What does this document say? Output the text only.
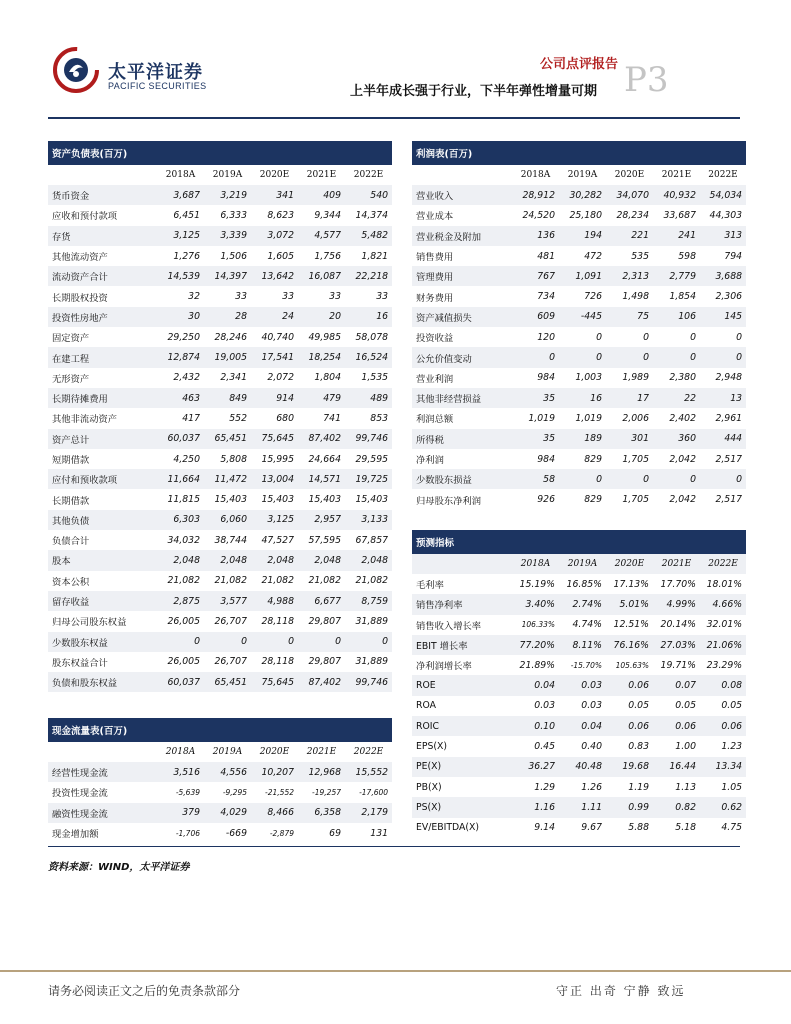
太平洋证券
PACIFIC SECURITIES
公司点评报告
上半年成长强于行业，下半年弹性增量可期 P3
资产负债表(百万)					
	2018A	2019A	2020E	2021E	2022E
货币资金	3,687	3,219	341	409	540
应收和预付款项	6,451	6,333	8,623	9,344	14,374
存货	3,125	3,339	3,072	4,577	5,482
其他流动资产	1,276	1,506	1,605	1,756	1,821
流动资产合计	14,539	14,397	13,642	16,087	22,218
长期股权投资	32	33	33	33	33
投资性房地产	30	28	24	20	16
固定资产	29,250	28,246	40,740	49,985	58,078
在建工程	12,874	19,005	17,541	18,254	16,524
无形资产	2,432	2,341	2,072	1,804	1,535
长期待摊费用	463	849	914	479	489
其他非流动资产	417	552	680	741	853
资产总计	60,037	65,451	75,645	87,402	99,746
短期借款	4,250	5,808	15,995	24,664	29,595
应付和预收款项	11,664	11,472	13,004	14,571	19,725
长期借款	11,815	15,403	15,403	15,403	15,403
其他负债	6,303	6,060	3,125	2,957	3,133
负债合计	34,032	38,744	47,527	57,595	67,857
股本	2,048	2,048	2,048	2,048	2,048
资本公积	21,082	21,082	21,082	21,082	21,082
留存收益	2,875	3,577	4,988	6,677	8,759
归母公司股东权益	26,005	26,707	28,118	29,807	31,889
少数股东权益	0	0	0	0	0
股东权益合计	26,005	26,707	28,118	29,807	31,889
负债和股东权益	60,037	65,451	75,645	87,402	99,746
现金流量表(百万)					
	2018A	2019A	2020E	2021E	2022E
经营性现金流	3,516	4,556	10,207	12,968	15,552
投资性现金流	-5,639	-9,295	-21,552	-19,257	-17,600
融资性现金流	379	4,029	8,466	6,358	2,179
现金增加额	-1,706	-669	-2,879	69	131
利润表(百万)					
	2018A	2019A	2020E	2021E	2022E
营业收入	28,912	30,282	34,070	40,932	54,034
营业成本	24,520	25,180	28,234	33,687	44,303
营业税金及附加	136	194	221	241	313
销售费用	481	472	535	598	794
管理费用	767	1,091	2,313	2,779	3,688
财务费用	734	726	1,498	1,854	2,306
资产减值损失	609	-445	75	106	145
投资收益	120	0	0	0	0
公允价值变动	0	0	0	0	0
营业利润	984	1,003	1,989	2,380	2,948
其他非经营损益	35	16	17	22	13
利润总额	1,019	1,019	2,006	2,402	2,961
所得税	35	189	301	360	444
净利润	984	829	1,705	2,042	2,517
少数股东损益	58	0	0	0	0
归母股东净利润	926	829	1,705	2,042	2,517
预测指标					
	2018A	2019A	2020E	2021E	2022E
毛利率	15.19%	16.85%	17.13%	17.70%	18.01%
销售净利率	3.40%	2.74%	5.01%	4.99%	4.66%
销售收入增长率	106.33%	4.74%	12.51%	20.14%	32.01%
EBIT 增长率	77.20%	8.11%	76.16%	27.03%	21.06%
净利润增长率	21.89%	-15.70%	105.63%	19.71%	23.29%
ROE	0.04	0.03	0.06	0.07	0.08
ROA	0.03	0.03	0.05	0.05	0.05
ROIC	0.10	0.04	0.06	0.06	0.06
EPS(X)	0.45	0.40	0.83	1.00	1.23
PE(X)	36.27	40.48	19.68	16.44	13.34
PB(X)	1.29	1.26	1.19	1.13	1.05
PS(X)	1.16	1.11	0.99	0.82	0.62
EV/EBITDA(X)	9.14	9.67	5.88	5.18	4.75
资料来源：WIND，太平洋证券
请务必阅读正文之后的免责条款部分	守正 出奇 宁静 致远
